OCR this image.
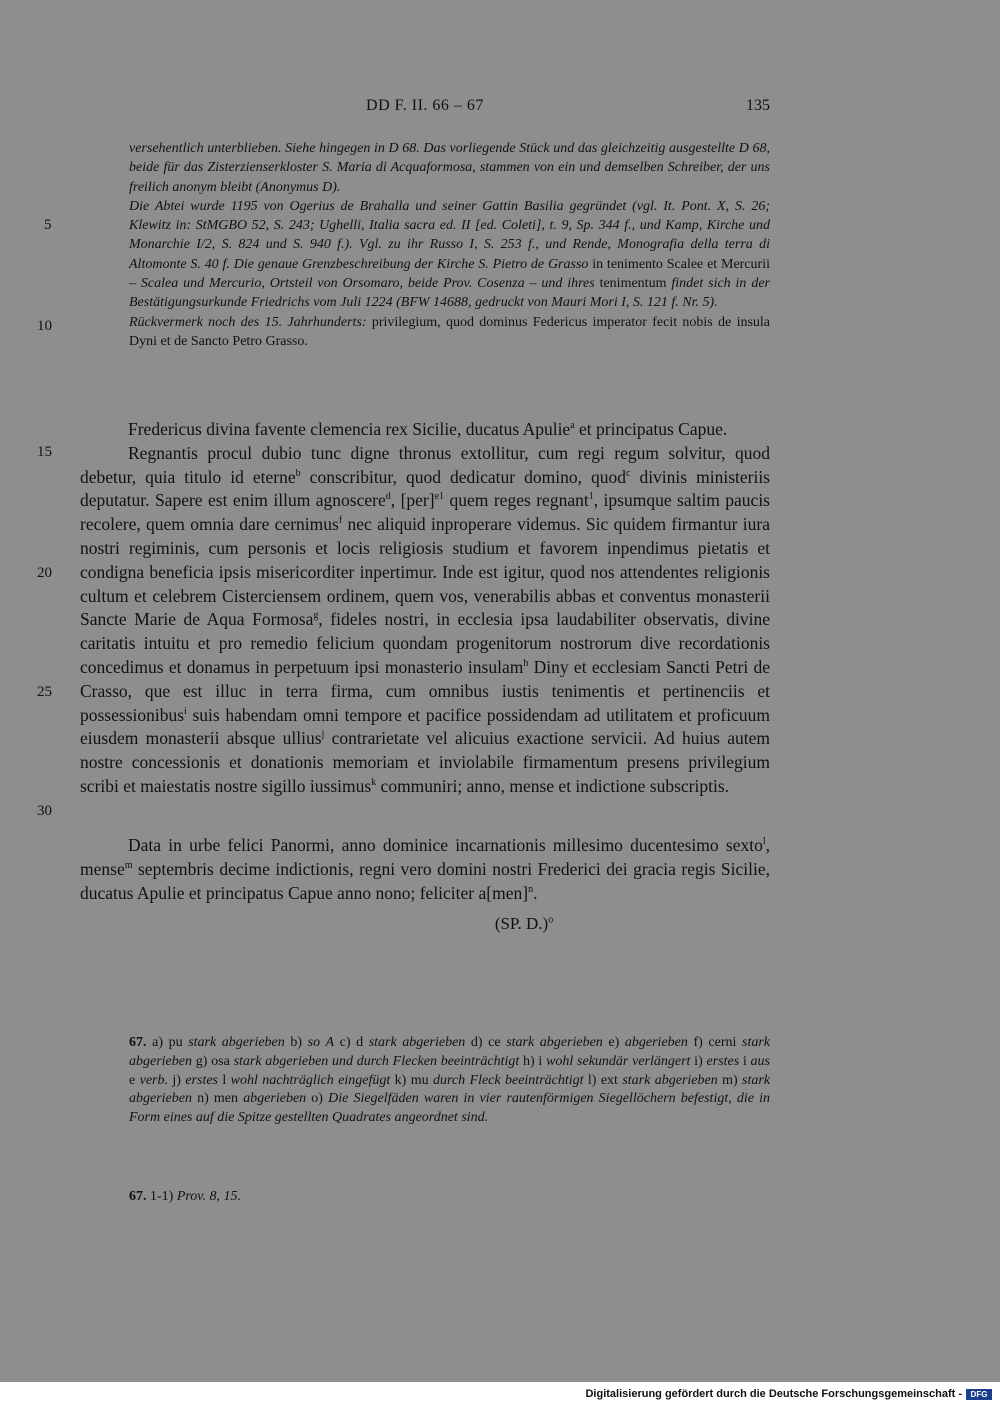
DD F. II. 66 – 67	135
5
10
15
20
25
30

versehentlich unterblieben. Siehe hingegen in D 68. Das vorliegende Stück und das gleichzeitig ausgestellte D 68, beide für das Zisterzienserkloster S. Maria di Acquaformosa, stammen von ein und demselben Schreiber, der uns freilich anonym bleibt (Anonymus D).

Die Abtei wurde 1195 von Ogerius de Brahalla und seiner Gattin Basilia gegründet (vgl. It. Pont. X, S. 26; Klewitz in: StMGBO 52, S. 243; Ughelli, Italia sacra ed. II [ed. Coleti], t. 9, Sp. 344 f., und Kamp, Kirche und Monarchie I/2, S. 824 und S. 940 f.). Vgl. zu ihr Russo I, S. 253 f., und Rende, Monografia della terra di Altomonte S. 40 f. Die genaue Grenzbeschreibung der Kirche S. Pietro de Grasso in tenimento Scalee et Mercurii – Scalea und Mercurio, Ortsteil von Orsomaro, beide Prov. Cosenza – und ihres tenimentum findet sich in der Bestätigungsurkunde Friedrichs vom Juli 1224 (BFW 14688, gedruckt von Mauri Mori I, S. 121 f. Nr. 5).

Rückvermerk noch des 15. Jahrhunderts: privilegium, quod dominus Federicus imperator fecit nobis de insula Dyni et de Sancto Petro Grasso.

Fredericus divina favente clemencia rex Sicilie, ducatus Apulie$^a$ et principatus Capue.

Regnantis procul dubio tunc digne thronus extollitur, cum regi regum solvitur, quod debetur, quia titulo id eterne$^b$ conscribitur, quod dedicatur domino, quod$^c$ divinis ministeriis deputatur. Sapere est enim illum agnoscere$^d$, [per]$^{e1}$ quem reges regnant$^1$, ipsumque saltim paucis recolere, quem omnia dare cernimus$^f$ nec aliquid inproperare videmus. Sic quidem firmantur iura nostri regiminis, cum personis et locis religiosis studium et favorem inpendimus pietatis et condigna beneficia ipsis misericorditer inpertimur. Inde est igitur, quod nos attendentes religionis cultum et celebrem Cisterciensem ordinem, quem vos, venerabilis abbas et conventus monasterii Sancte Marie de Aqua Formosa$^g$, fideles nostri, in ecclesia ipsa laudabiliter observatis, divine caritatis intuitu et pro remedio felicium quondam progenitorum nostrorum dive recordationis concedimus et donamus in perpetuum ipsi monasterio insulam$^h$ Diny et ecclesiam Sancti Petri de Crasso, que est illuc in terra firma, cum omnibus iustis tenimentis et pertinenciis et possessionibus$^i$ suis habendam omni tempore et pacifice possidendam ad utilitatem et proficuum eiusdem monasterii absque ullius$^j$ contrarietate vel alicuius exactione servicii. Ad huius autem nostre concessionis et donationis memoriam et inviolabile firmamentum presens privilegium scribi et maiestatis nostre sigillo iussimus$^k$ communiri; anno, mense et indictione subscriptis.

Data in urbe felici Panormi, anno dominice incarnationis millesimo ducentesimo sexto$^l$, mense$^m$ septembris decime indictionis, regni vero domini nostri Frederici dei gracia regis Sicilie, ducatus Apulie et principatus Capue anno nono; feliciter a[men]$^n$.

(SP. D.)$^o$

67. a) pu stark abgerieben b) so A c) d stark abgerieben d) ce stark abgerieben e) abgerieben f) cerni stark abgerieben g) osa stark abgerieben und durch Flecken beeinträchtigt h) i wohl sekundär verlängert i) erstes i aus e verb. j) erstes l wohl nachträglich eingefügt k) mu durch Fleck beeinträchtigt l) ext stark abgerieben m) stark abgerieben n) men abgerieben o) Die Siegelfäden waren in vier rautenförmigen Siegellöchern befestigt, die in Form eines auf die Spitze gestellten Quadrates angeordnet sind.

67. 1-1) Prov. 8, 15.
Digitalisierung gefördert durch die Deutsche Forschungsgemeinschaft -	DFG
